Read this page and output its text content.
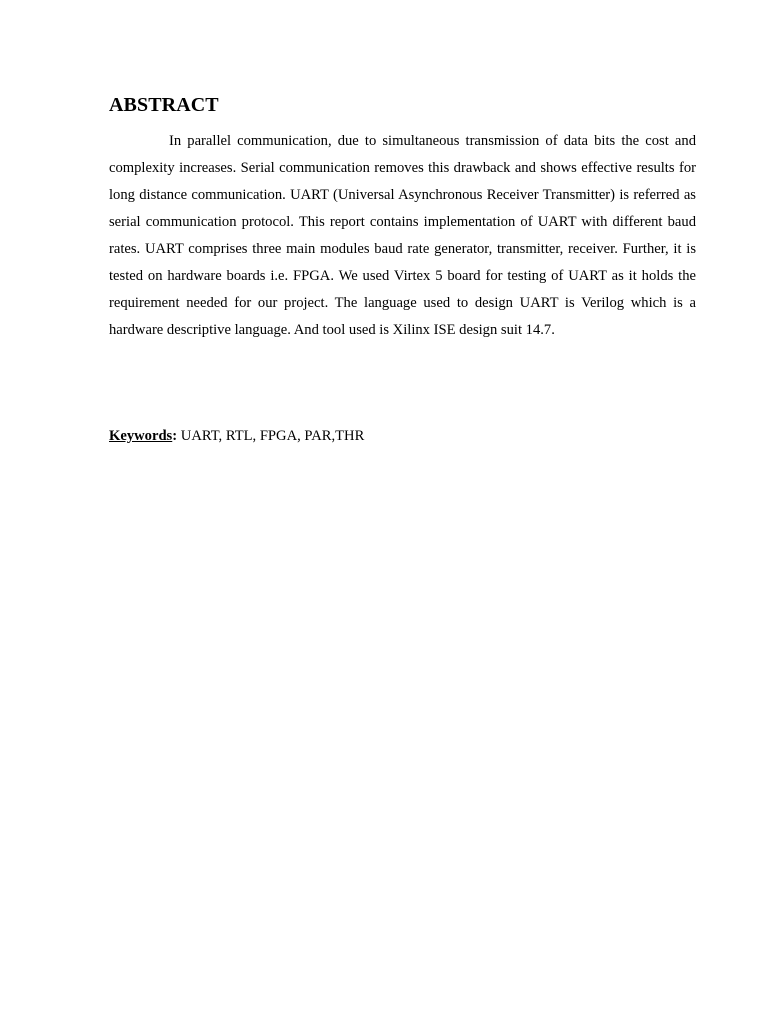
ABSTRACT

In parallel communication, due to simultaneous transmission of data bits the cost and complexity increases. Serial communication removes this drawback and shows effective results for long distance communication. UART (Universal Asynchronous Receiver Transmitter) is referred as serial communication protocol. This report contains implementation of UART with different baud rates. UART comprises three main modules baud rate generator, transmitter, receiver. Further, it is tested on hardware boards i.e. FPGA. We used Virtex 5 board for testing of UART as it holds the requirement needed for our project. The language used to design UART is Verilog which is a hardware descriptive language. And tool used is Xilinx ISE design suit 14.7.

Keywords: UART, RTL, FPGA, PAR,THR
